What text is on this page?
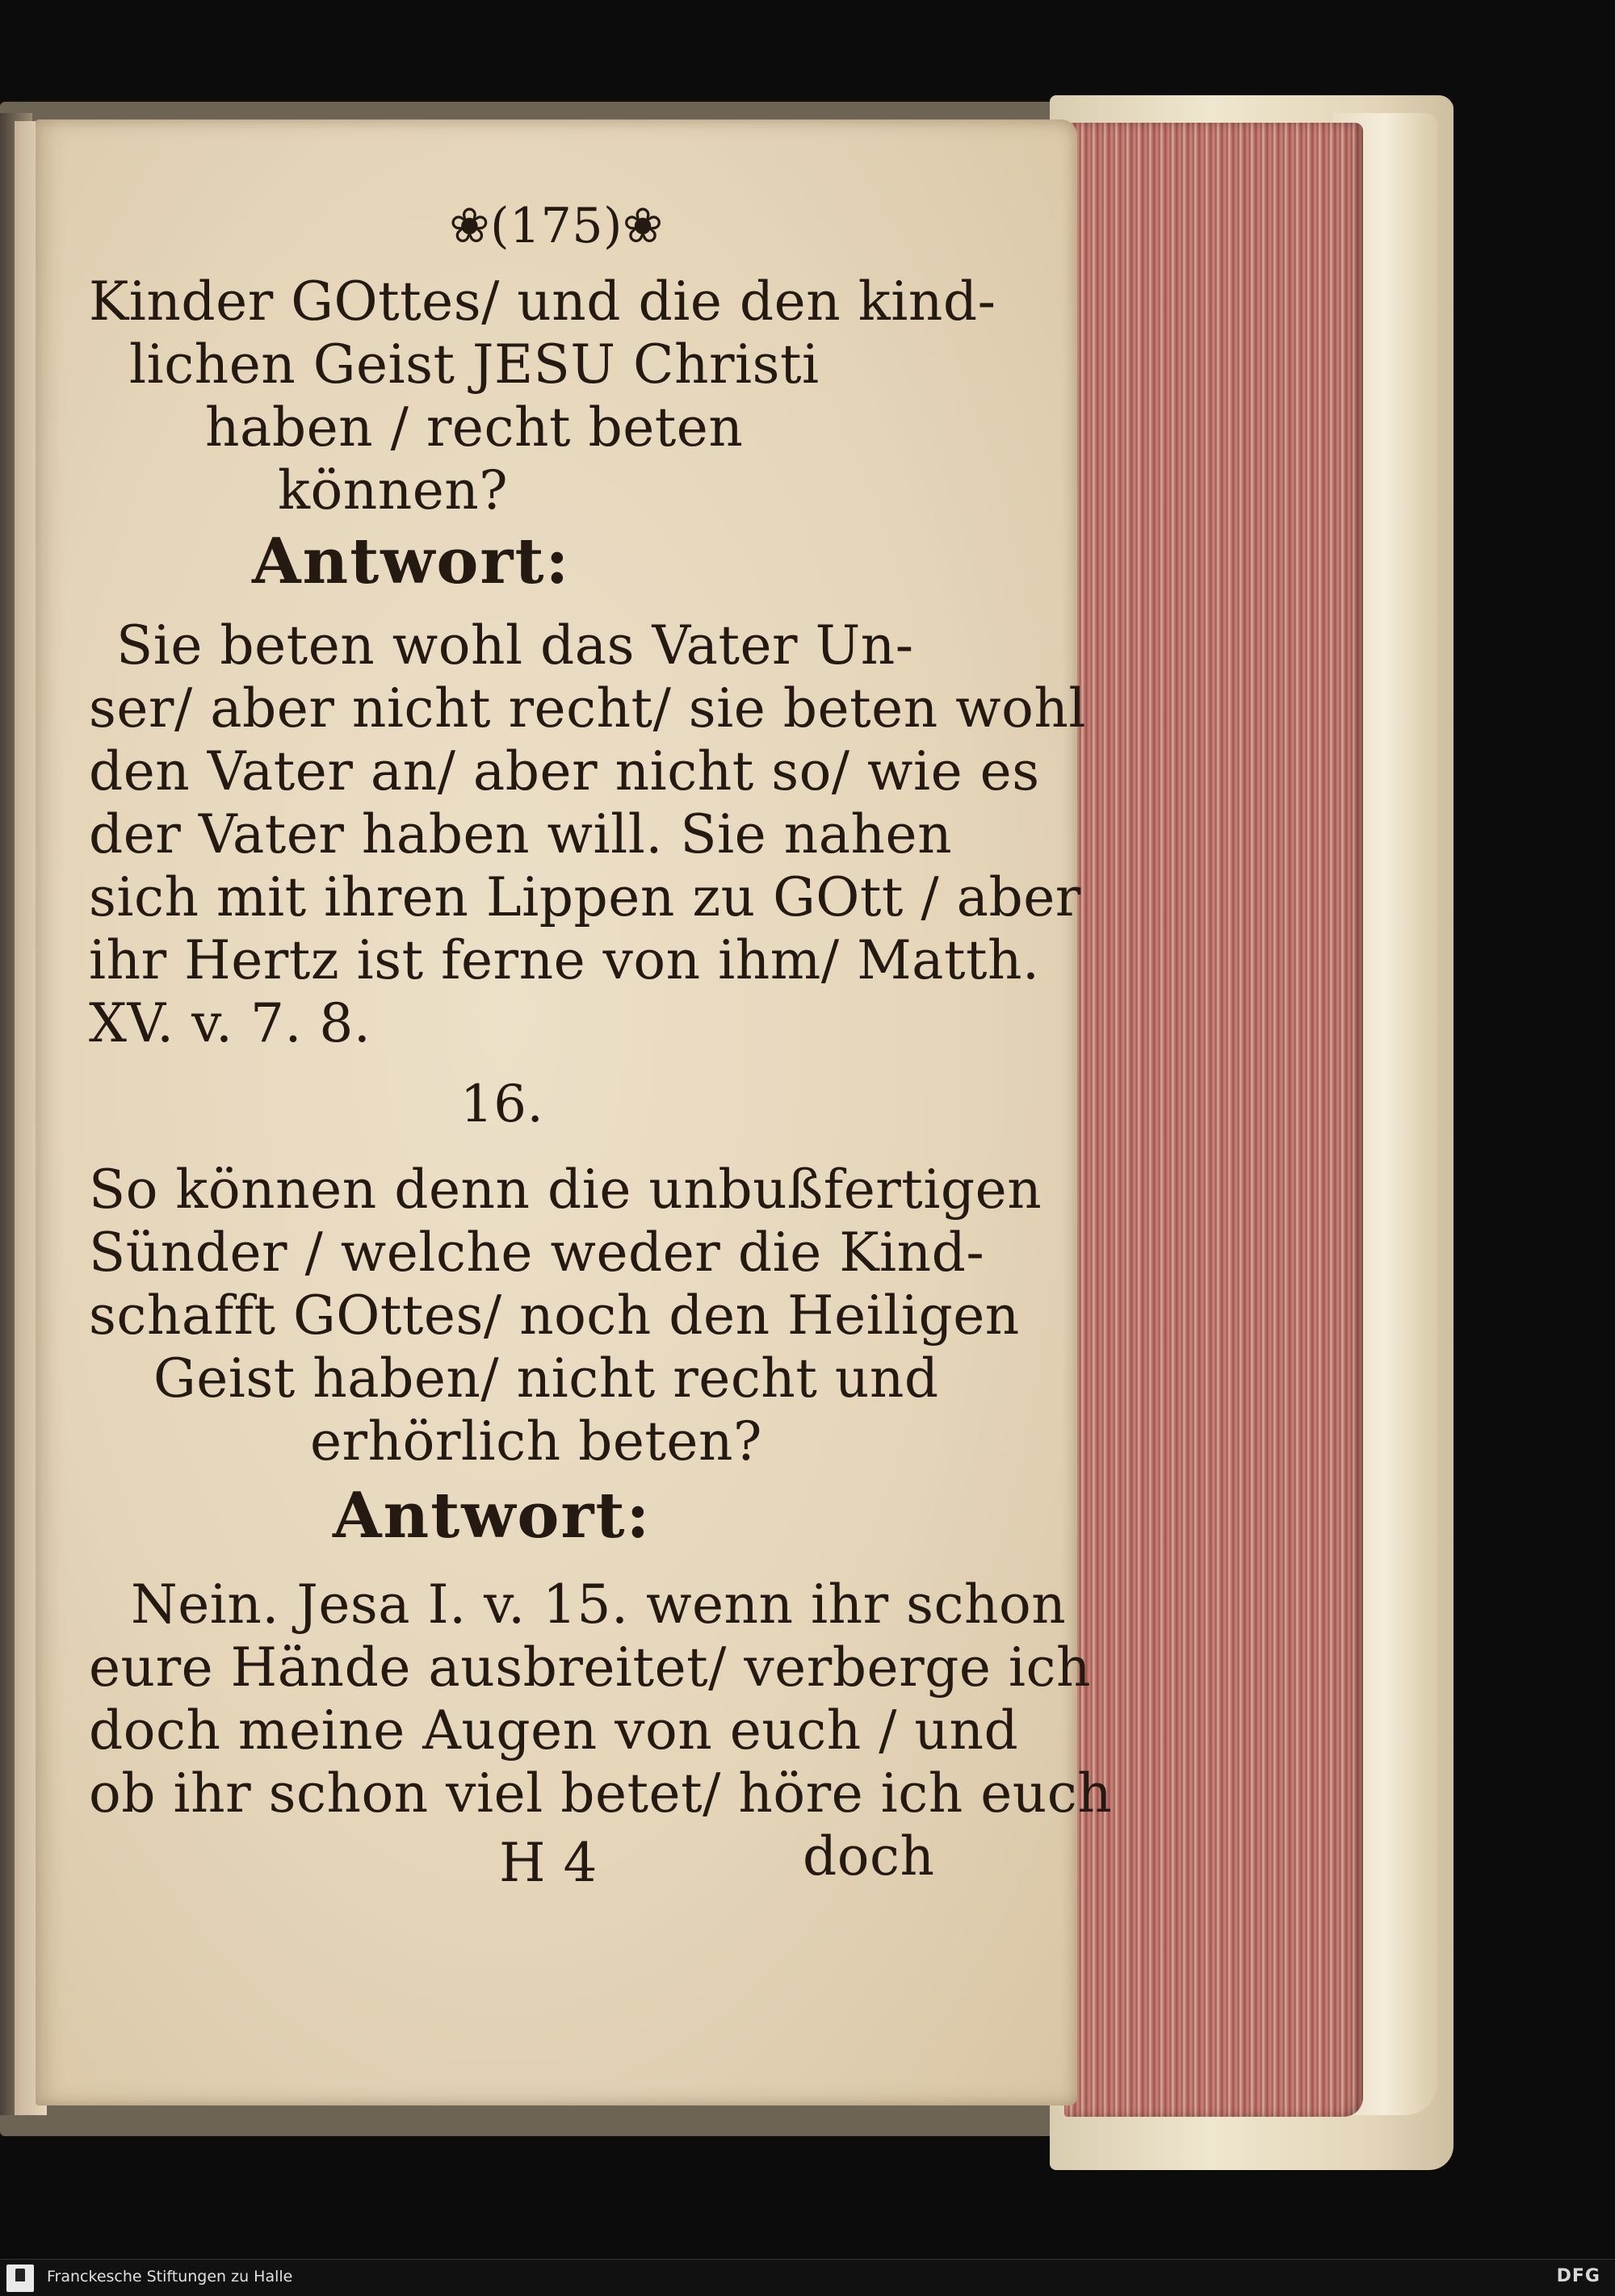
❀(175)❀
Kinder GOttes/ und die den kind-
lichen Geist JESU Christi
haben / recht beten
können?
Antwort:
Sie beten wohl das Vater Un-
ser/ aber nicht recht/ sie beten wohl
den Vater an/ aber nicht so/ wie es
der Vater haben will. Sie nahen
sich mit ihren Lippen zu GOtt / aber
ihr Hertz ist ferne von ihm/ Matth.
XV. v. 7. 8.
16.
So können denn die unbußfertigen
Sünder / welche weder die Kind-
schafft GOttes/ noch den Heiligen
Geist haben/ nicht recht und
erhörlich beten?
Antwort:
Nein. Jesa I. v. 15. wenn ihr schon
eure Hände ausbreitet/ verberge ich
doch meine Augen von euch / und
ob ihr schon viel betet/ höre ich euch
H 4	doch
Franckesche Stiftungen zu Halle	DFG
